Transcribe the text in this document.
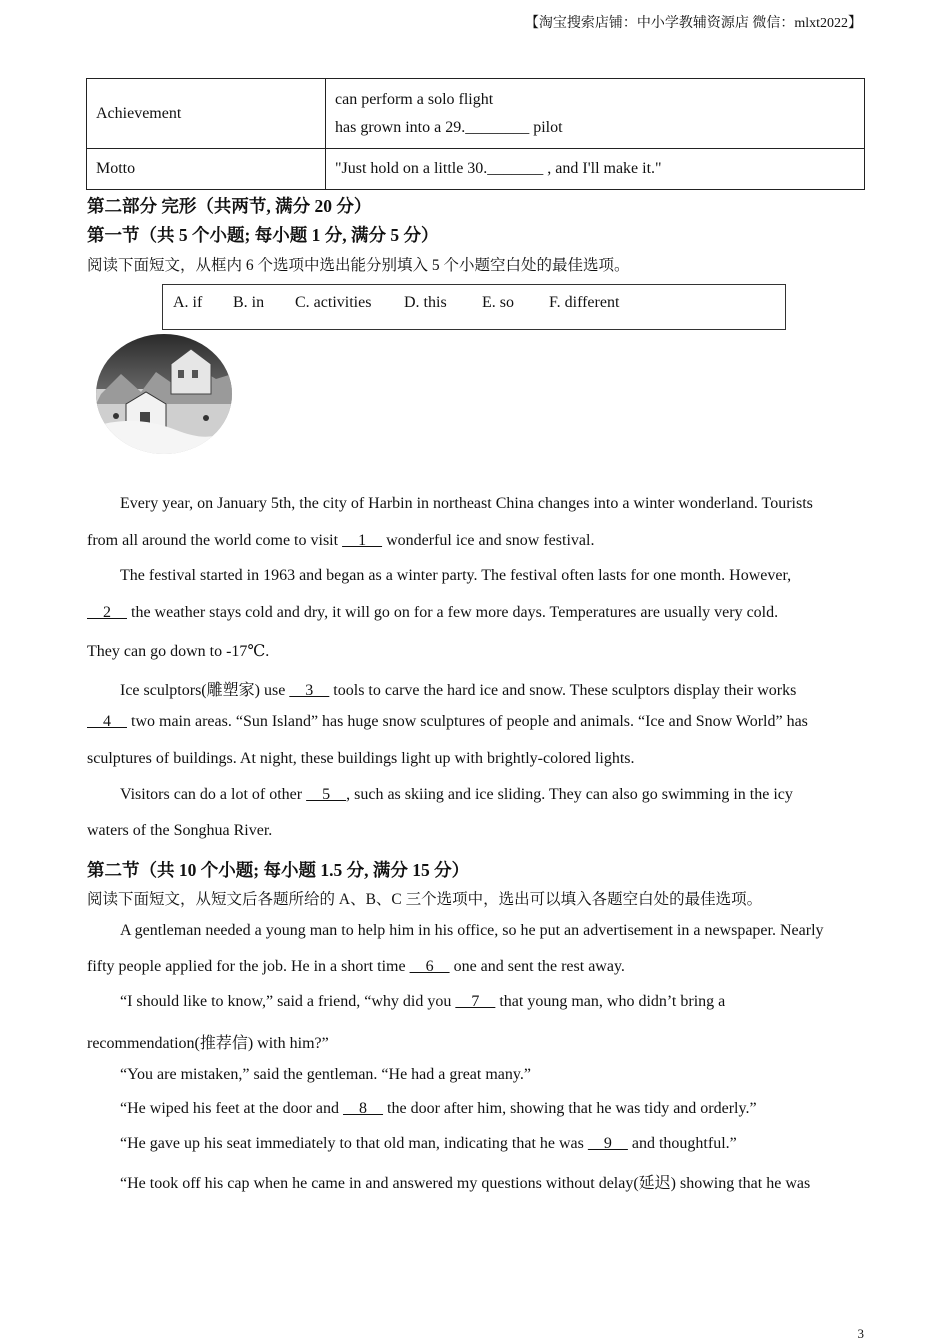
【淘宝搜索店铺：中小学教辅资源店 微信：mlxt2022】
Achievement	can perform a solo flight
has grown into a 29.________ pilot

Motto	"Just hold on a little 30._______ , and I'll make it."
第二部分 完形（共两节, 满分 20 分）
第一节（共 5 个小题; 每小题 1 分, 满分 5 分）
阅读下面短文，从框内 6 个选项中选出能分别填入 5 个小题空白处的最佳选项。
A. if B. in C. activities D. this E. so F. different
Every year, on January 5th, the city of Harbin in northeast China changes into a winter wonderland. Tourists
from all around the world come to visit     1     wonderful ice and snow festival.
The festival started in 1963 and began as a winter party. The festival often lasts for one month. However,
2     the weather stays cold and dry, it will go on for a few more days. Temperatures are usually very cold.
They can go down to -17℃.
Ice sculptors(雕塑家) use     3     tools to carve the hard ice and snow. These sculptors display their works
4     two main areas. “Sun Island” has huge snow sculptures of people and animals. “Ice and Snow World” has
sculptures of buildings. At night, these buildings light up with brightly-colored lights.
Visitors can do a lot of other     5    , such as skiing and ice sliding. They can also go swimming in the icy
waters of the Songhua River.
第二节（共 10 个小题; 每小题 1.5 分, 满分 15 分）
阅读下面短文，从短文后各题所给的 A、B、C 三个选项中，选出可以填入各题空白处的最佳选项。
A gentleman needed a young man to help him in his office, so he put an advertisement in a newspaper. Nearly
fifty people applied for the job. He in a short time     6     one and sent the rest away.
“I should like to know,” said a friend, “why did you     7     that young man, who didn’t bring a
recommendation(推荐信) with him?”
“You are mistaken,” said the gentleman. “He had a great many.”
“He wiped his feet at the door and     8     the door after him, showing that he was tidy and orderly.”
“He gave up his seat immediately to that old man, indicating that he was     9     and thoughtful.”
“He took off his cap when he came in and answered my questions without delay(延迟) showing that he was
3
